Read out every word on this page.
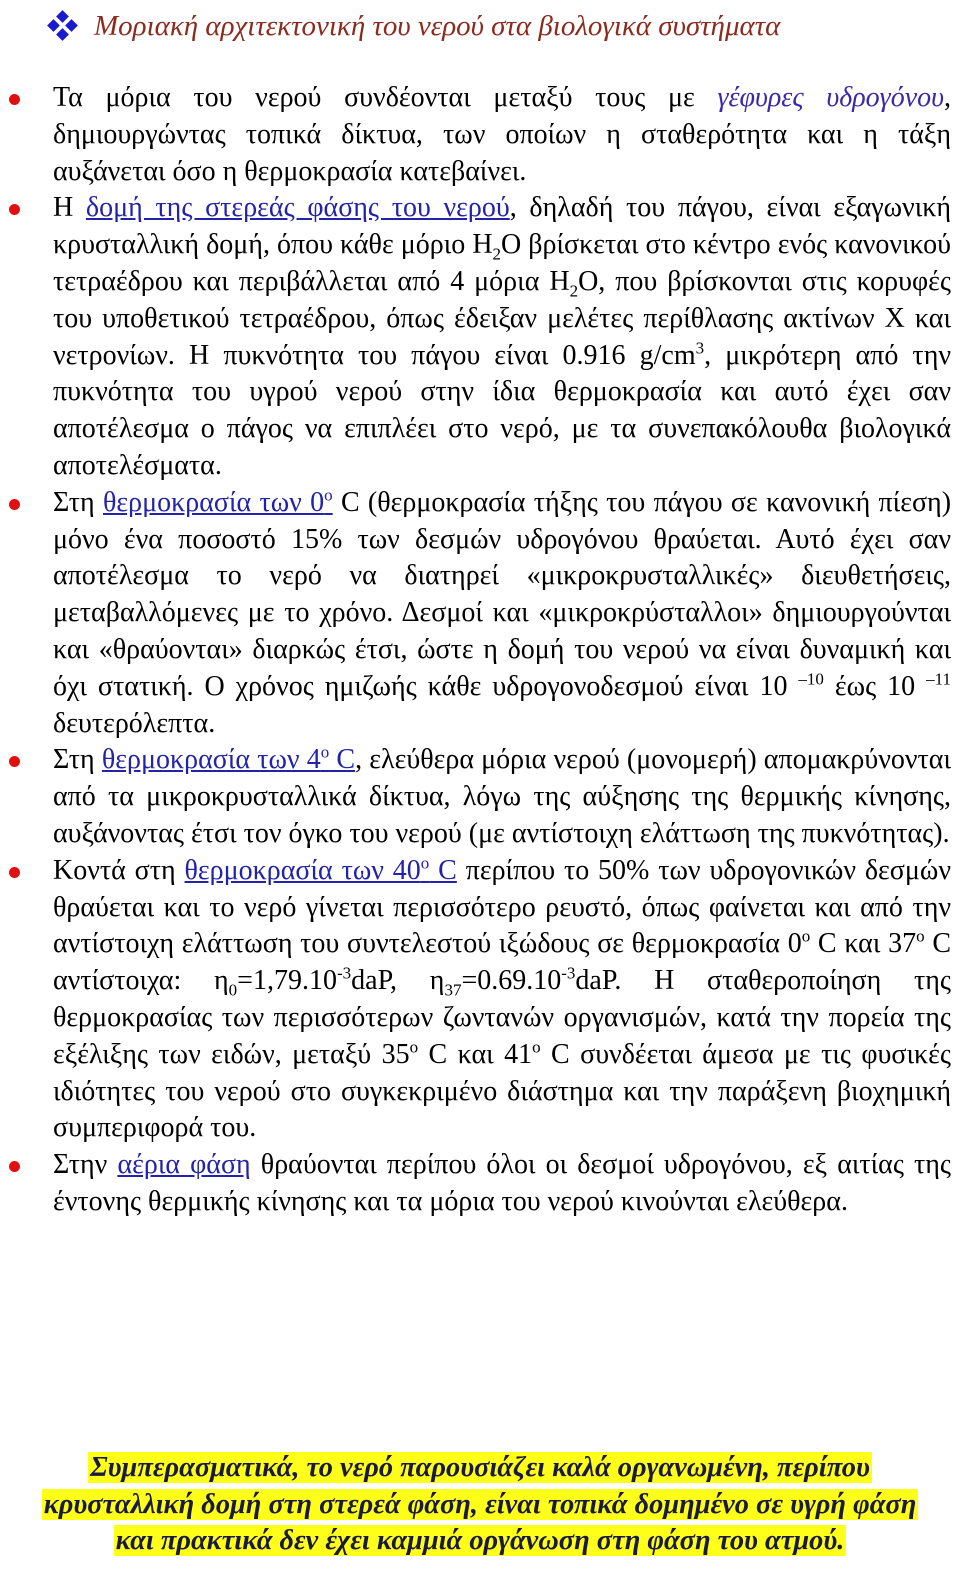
Μοριακή αρχιτεκτονική του νερού στα βιολογικά συστήματα
Τα μόρια του νερού συνδέονται μεταξύ τους με γέφυρες υδρογόνου, δημιουργώντας τοπικά δίκτυα, των οποίων η σταθερότητα και η τάξη αυξάνεται όσο η θερμοκρασία κατεβαίνει.
Η δομή της στερεάς φάσης του νερού, δηλαδή του πάγου, είναι εξαγωνική κρυσταλλική δομή, όπου κάθε μόριο $H_2O$ βρίσκεται στο κέντρο ενός κανονικού τετραέδρου και περιβάλλεται από 4 μόρια $H_2O$, που βρίσκονται στις κορυφές του υποθετικού τετραέδρου, όπως έδειξαν μελέτες περίθλασης ακτίνων Χ και νετρονίων. Η πυκνότητα του πάγου είναι 0.916 $g/cm^3$, μικρότερη από την πυκνότητα του υγρού νερού στην ίδια θερμοκρασία και αυτό έχει σαν αποτέλεσμα ο πάγος να επιπλέει στο νερό, με τα συνεπακόλουθα βιολογικά αποτελέσματα.
Στη θερμοκρασία των $0^o$ C (θερμοκρασία τήξης του πάγου σε κανονική πίεση) μόνο ένα ποσοστό 15% των δεσμών υδρογόνου θραύεται. Αυτό έχει σαν αποτέλεσμα το νερό να διατηρεί «μικροκρυσταλλικές» διευθετήσεις, μεταβαλλόμενες με το χρόνο. Δεσμοί και «μικροκρύσταλλοι» δημιουργούνται και «θραύονται» διαρκώς έτσι, ώστε η δομή του νερού να είναι δυναμική και όχι στατική. Ο χρόνος ημιζωής κάθε υδρογονοδεσμού είναι 10 $^{-10}$ έως 10 $^{-11}$ δευτερόλεπτα.
Στη θερμοκρασία των $4^o$ C, ελεύθερα μόρια νερού (μονομερή) απομακρύνονται από τα μικροκρυσταλλικά δίκτυα, λόγω της αύξησης της θερμικής κίνησης, αυξάνοντας έτσι τον όγκο του νερού (με αντίστοιχη ελάττωση της πυκνότητας).
Κοντά στη θερμοκρασία των $40^o$ C περίπου το 50% των υδρογονικών δεσμών θραύεται και το νερό γίνεται περισσότερο ρευστό, όπως φαίνεται και από την αντίστοιχη ελάττωση του συντελεστού ιξώδους σε θερμοκρασία $0^o$ C και $37^o$ C αντίστοιχα: $\eta_0=1,79.10^{-3}daP$, $\eta_{37}=0.69.10^{-3}daP$. Η σταθεροποίηση της θερμοκρασίας των περισσότερων ζωντανών οργανισμών, κατά την πορεία της εξέλιξης των ειδών, μεταξύ $35^o$ C και $41^o$ C συνδέεται άμεσα με τις φυσικές ιδιότητες του νερού στο συγκεκριμένο διάστημα και την παράξενη βιοχημική συμπεριφορά του.
Στην αέρια φάση θραύονται περίπου όλοι οι δεσμοί υδρογόνου, εξ αιτίας της έντονης θερμικής κίνησης και τα μόρια του νερού κινούνται ελεύθερα.
Συμπερασματικά, το νερό παρουσιάζει καλά οργανωμένη, περίπου κρυσταλλική δομή στη στερεά φάση, είναι τοπικά δομημένο σε υγρή φάση και πρακτικά δεν έχει καμμιά οργάνωση στη φάση του ατμού.
